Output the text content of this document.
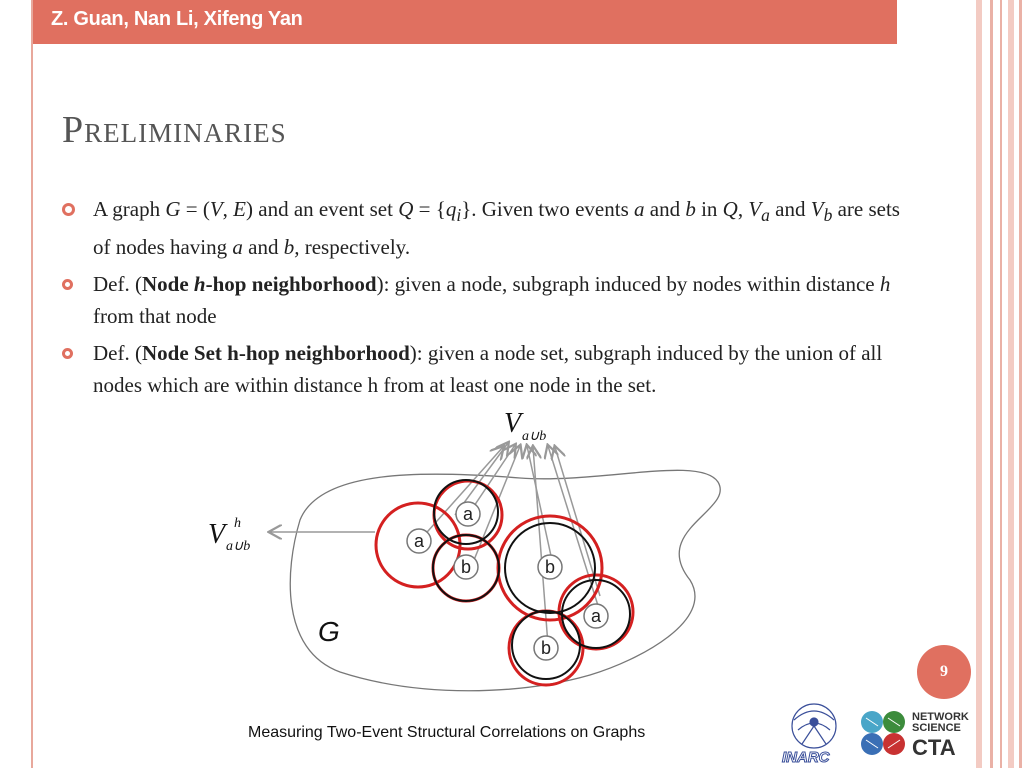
Z. Guan, Nan Li, Xifeng Yan
Preliminaries
A graph G = (V, E) and an event set $Q = \{q_i\}$. Given two events a and b in Q, $V_a$ and $V_b$ are sets of nodes having a and b, respectively.
Def. (Node h-hop neighborhood): given a node, subgraph induced by nodes within distance h from that node
Def. (Node Set h-hop neighborhood): given a node set, subgraph induced by the union of all nodes which are within distance h from at least one node in the set.
a
a
b	b
a
b
G
V a∪b
V h
a∪b
9
Measuring Two-Event Structural Correlations on Graphs
INARC
NETWORK
SCIENCE
CTA
